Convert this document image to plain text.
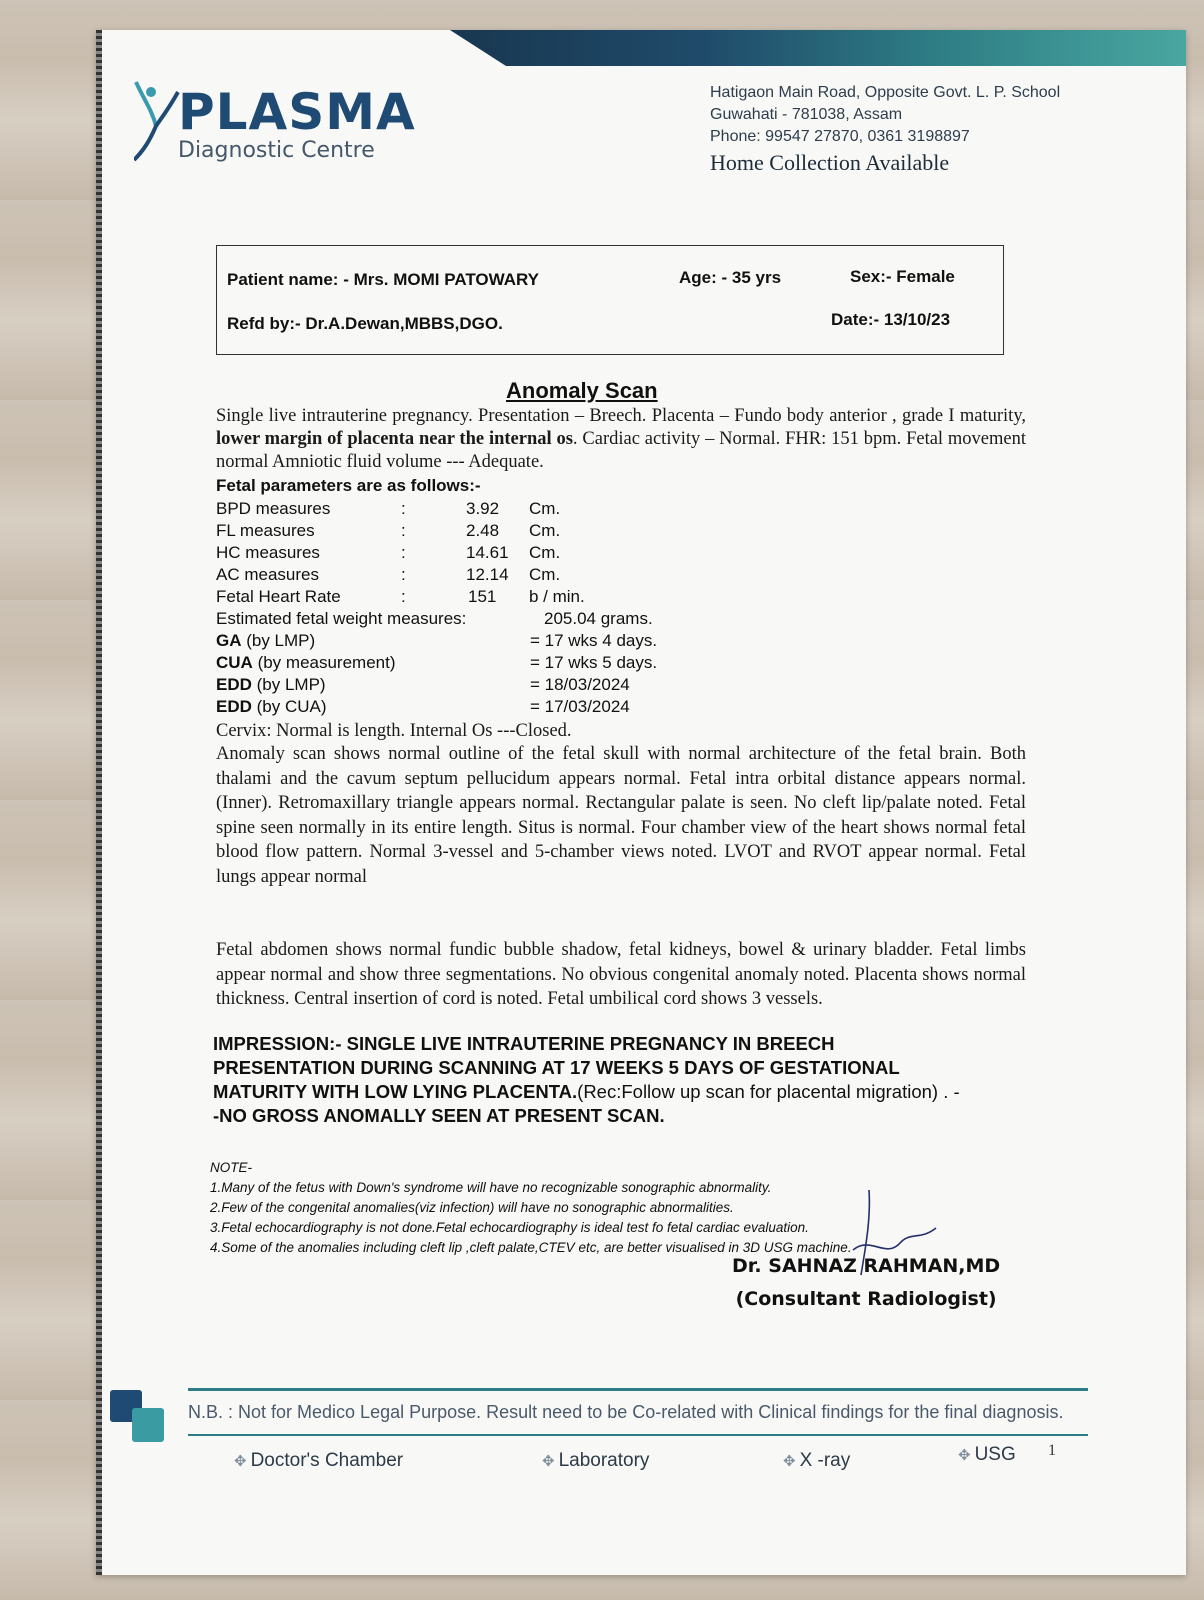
PLASMA
Diagnostic Centre
Hatigaon Main Road, Opposite Govt. L. P. School
Guwahati - 781038, Assam
Phone: 99547 27870, 0361 3198897
Home Collection Available
Patient name: - Mrs. MOMI PATOWARY	Age: - 35 yrs	Sex:- Female
Refd by:- Dr.A.Dewan,MBBS,DGO.	Date:- 13/10/23
Anomaly Scan
Single live intrauterine pregnancy. Presentation – Breech. Placenta – Fundo body anterior , grade I maturity, lower margin of placenta near the internal os. Cardiac activity – Normal. FHR: 151 bpm. Fetal movement normal Amniotic fluid volume --- Adequate.
Fetal parameters are as follows:-
BPD measures	:	3.92 Cm.
FL measures	:	2.48 Cm.
HC measures	:	14.61 Cm.
AC measures	:	12.14 Cm.
Fetal Heart Rate	:	151 b / min.
Estimated fetal weight measures:	205.04 grams.
GA (by LMP)	= 17 wks 4 days.
CUA (by measurement)	= 17 wks 5 days.
EDD (by LMP)	= 18/03/2024
EDD (by CUA)	= 17/03/2024
Cervix: Normal is length. Internal Os ---Closed.
Anomaly scan shows normal outline of the fetal skull with normal architecture of the fetal brain. Both thalami and the cavum septum pellucidum appears normal. Fetal intra orbital distance appears normal. (Inner). Retromaxillary triangle appears normal. Rectangular palate is seen. No cleft lip/palate noted. Fetal spine seen normally in its entire length. Situs is normal. Four chamber view of the heart shows normal fetal blood flow pattern. Normal 3-vessel and 5-chamber views noted. LVOT and RVOT appear normal. Fetal lungs appear normal
Fetal abdomen shows normal fundic bubble shadow, fetal kidneys, bowel & urinary bladder. Fetal limbs appear normal and show three segmentations. No obvious congenital anomaly noted. Placenta shows normal thickness. Central insertion of cord is noted. Fetal umbilical cord shows 3 vessels.
IMPRESSION:- SINGLE LIVE INTRAUTERINE PREGNANCY IN BREECH
PRESENTATION DURING SCANNING AT 17 WEEKS 5 DAYS OF GESTATIONAL
MATURITY WITH LOW LYING PLACENTA.(Rec:Follow up scan for placental migration) . -
-NO GROSS ANOMALLY SEEN AT PRESENT SCAN.
NOTE-
1.Many of the fetus with Down's syndrome will have no recognizable sonographic abnormality.
2.Few of the congenital anomalies(viz infection) will have no sonographic abnormalities.
3.Fetal echocardiography is not done.Fetal echocardiography is ideal test fo fetal cardiac evaluation.
4.Some of the anomalies including cleft lip ,cleft palate,CTEV etc, are better visualised in 3D USG machine.
Dr. SAHNAZ RAHMAN,MD
(Consultant Radiologist)
N.B. : Not for Medico Legal Purpose. Result need to be Co-related with Clinical findings for the final diagnosis.
✥ Doctor's Chamber	✥ Laboratory	✥ X -ray	✥ USG 1
